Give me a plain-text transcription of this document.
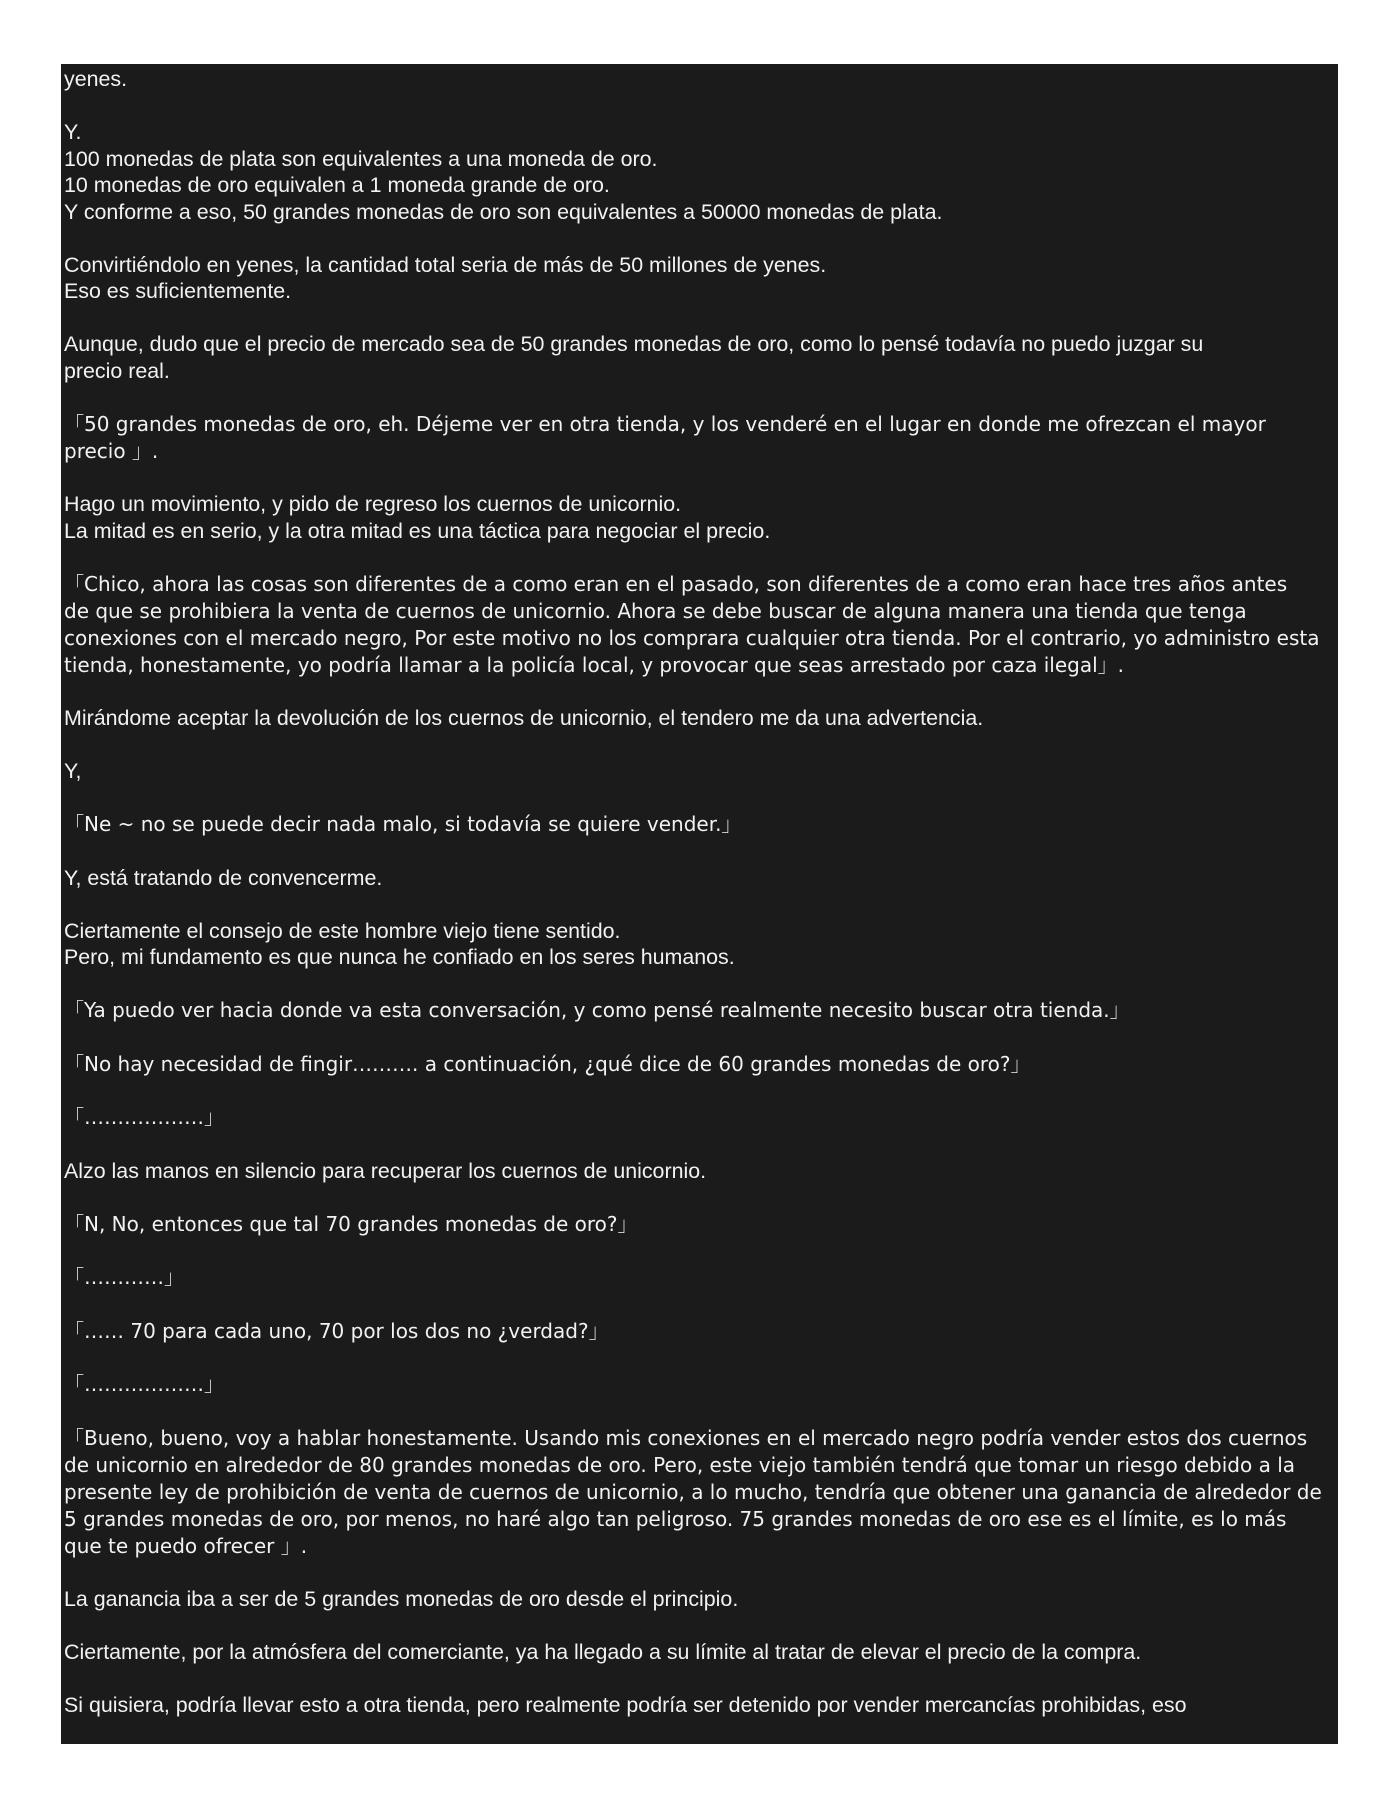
yenes.
Y.
100 monedas de plata son equivalentes a una moneda de oro.
10 monedas de oro equivalen a 1 moneda grande de oro.
Y conforme a eso, 50 grandes monedas de oro son equivalentes a 50000 monedas de plata.
Convirtiéndolo en yenes, la cantidad total seria de más de 50 millones de yenes.
Eso es suficientemente.
Aunque, dudo que el precio de mercado sea de 50 grandes monedas de oro, como lo pensé todavía no puedo juzgar su
precio real.
「50 grandes monedas de oro, eh. Déjeme ver en otra tienda, y los venderé en el lugar en donde me ofrezcan el mayor
precio 」.
Hago un movimiento, y pido de regreso los cuernos de unicornio.
La mitad es en serio, y la otra mitad es una táctica para negociar el precio.
「Chico, ahora las cosas son diferentes de a como eran en el pasado, son diferentes de a como eran hace tres años antes
de que se prohibiera la venta de cuernos de unicornio. Ahora se debe buscar de alguna manera una tienda que tenga
conexiones con el mercado negro, Por este motivo no los comprara cualquier otra tienda. Por el contrario, yo administro esta
tienda, honestamente, yo podría llamar a la policía local, y provocar que seas arrestado por caza ilegal」.
Mirándome aceptar la devolución de los cuernos de unicornio, el tendero me da una advertencia.
Y,
「Ne ~ no se puede decir nada malo, si todavía se quiere vender.」
Y, está tratando de convencerme.
Ciertamente el consejo de este hombre viejo tiene sentido.
Pero, mi fundamento es que nunca he confiado en los seres humanos.
「Ya puedo ver hacia donde va esta conversación, y como pensé realmente necesito buscar otra tienda.」
「No hay necesidad de fingir………. a continuación, ¿qué dice de 60 grandes monedas de oro?」
「………………」
Alzo las manos en silencio para recuperar los cuernos de unicornio.
「N, No, entonces que tal 70 grandes monedas de oro?」
「…………」
「…… 70 para cada uno, 70 por los dos no ¿verdad?」
「………………」
「Bueno, bueno, voy a hablar honestamente. Usando mis conexiones en el mercado negro podría vender estos dos cuernos
de unicornio en alrededor de 80 grandes monedas de oro. Pero, este viejo también tendrá que tomar un riesgo debido a la
presente ley de prohibición de venta de cuernos de unicornio, a lo mucho, tendría que obtener una ganancia de alrededor de
5 grandes monedas de oro, por menos, no haré algo tan peligroso. 75 grandes monedas de oro ese es el límite, es lo más
que te puedo ofrecer 」.
La ganancia iba a ser de 5 grandes monedas de oro desde el principio.
Ciertamente, por la atmósfera del comerciante, ya ha llegado a su límite al tratar de elevar el precio de la compra.
Si quisiera, podría llevar esto a otra tienda, pero realmente podría ser detenido por vender mercancías prohibidas, eso
